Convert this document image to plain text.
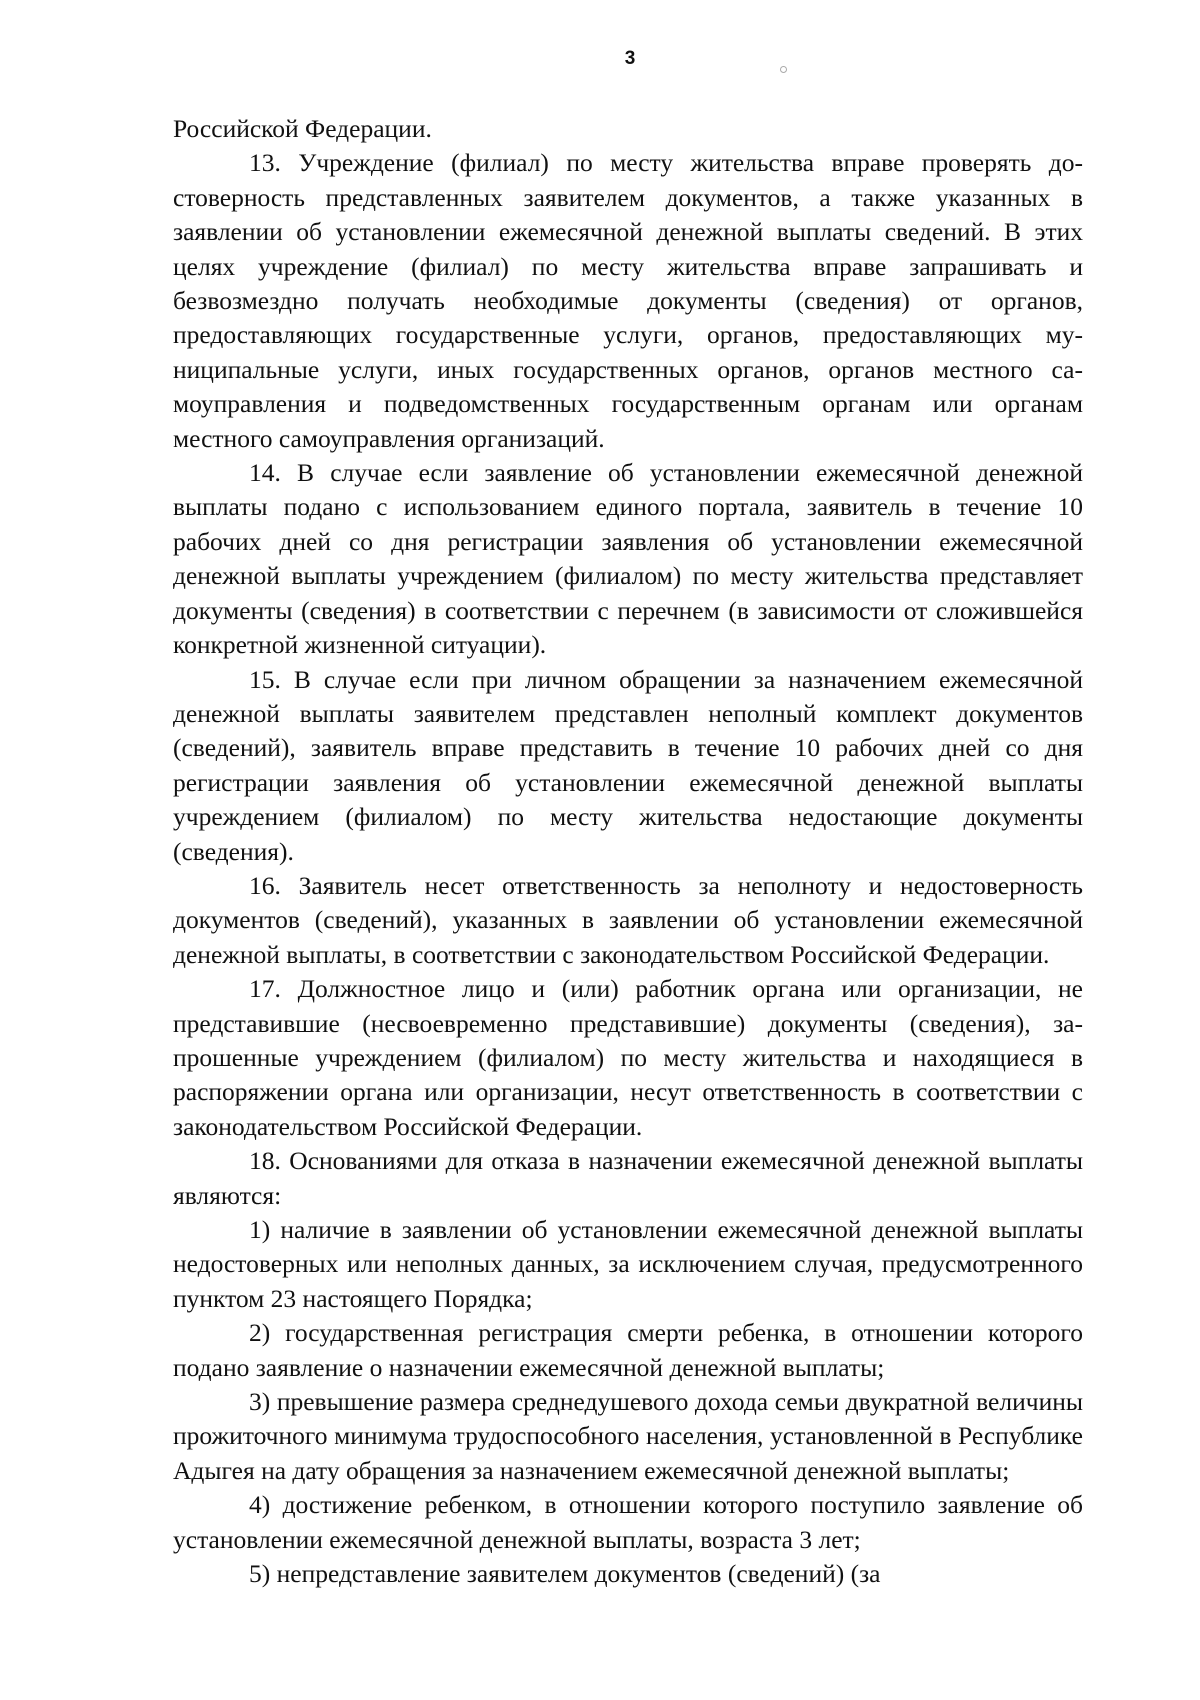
3

Российской Федерации.

13. Учреждение (филиал) по месту жительства вправе проверять достоверность представленных заявителем документов, а также указанных в заявлении об установлении ежемесячной денежной выплаты сведений. В этих целях учреждение (филиал) по месту жительства вправе запрашивать и безвозмездно получать необходимые документы (сведения) от органов, предоставляющих государственные услуги, органов, предоставляющих муниципальные услуги, иных государственных органов, органов местного самоуправления и подведомственных государственным органам или органам местного самоуправления организаций.

14. В случае если заявление об установлении ежемесячной денежной выплаты подано с использованием единого портала, заявитель в течение 10 рабочих дней со дня регистрации заявления об установлении ежемесячной денежной выплаты учреждением (филиалом) по месту жительства представляет документы (сведения) в соответствии с перечнем (в зависимости от сложившейся конкретной жизненной ситуации).

15. В случае если при личном обращении за назначением ежемесячной денежной выплаты заявителем представлен неполный комплект документов (сведений), заявитель вправе представить в течение 10 рабочих дней со дня регистрации заявления об установлении ежемесячной денежной выплаты учреждением (филиалом) по месту жительства недостающие документы (сведения).

16. Заявитель несет ответственность за неполноту и недостоверность документов (сведений), указанных в заявлении об установлении ежемесячной денежной выплаты, в соответствии с законодательством Российской Федерации.

17. Должностное лицо и (или) работник органа или организации, не представившие (несвоевременно представившие) документы (сведения), запрошенные учреждением (филиалом) по месту жительства и находящиеся в распоряжении органа или организации, несут ответственность в соответствии с законодательством Российской Федерации.

18. Основаниями для отказа в назначении ежемесячной денежной выплаты являются:

1) наличие в заявлении об установлении ежемесячной денежной выплаты недостоверных или неполных данных, за исключением случая, предусмотренного пунктом 23 настоящего Порядка;

2) государственная регистрация смерти ребенка, в отношении которого подано заявление о назначении ежемесячной денежной выплаты;

3) превышение размера среднедушевого дохода семьи двукратной величины прожиточного минимума трудоспособного населения, установленной в Республике Адыгея на дату обращения за назначением ежемесячной денежной выплаты;

4) достижение ребенком, в отношении которого поступило заявление об установлении ежемесячной денежной выплаты, возраста 3 лет;

5) непредставление заявителем документов (сведений) (за
